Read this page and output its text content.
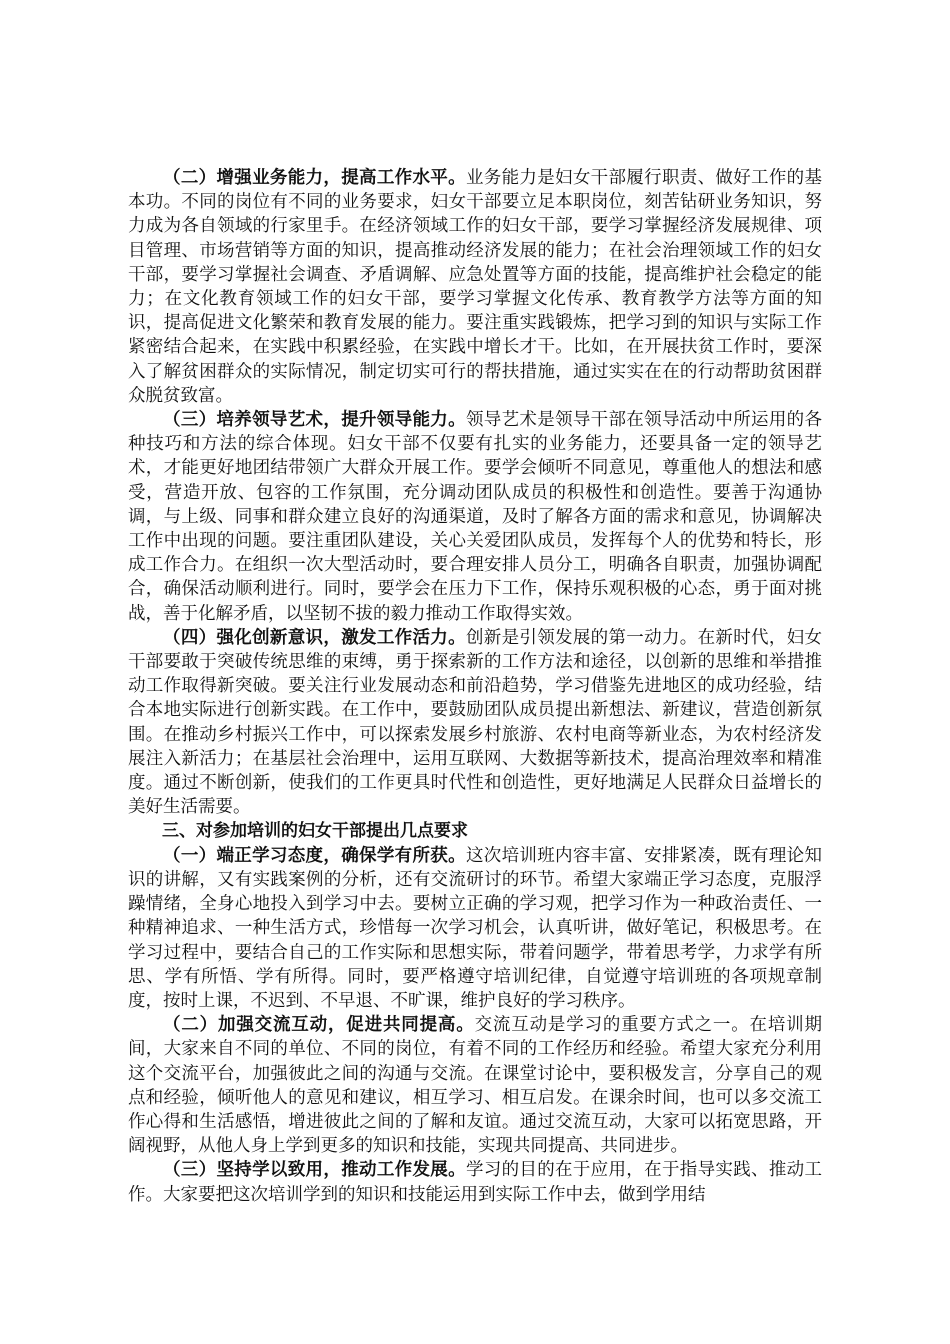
（二）增强业务能力，提高工作水平。业务能力是妇女干部履行职责、做好工作的基本功。不同的岗位有不同的业务要求，妇女干部要立足本职岗位，刻苦钻研业务知识，努力成为各自领域的行家里手。在经济领域工作的妇女干部，要学习掌握经济发展规律、项目管理、市场营销等方面的知识，提高推动经济发展的能力；在社会治理领域工作的妇女干部，要学习掌握社会调查、矛盾调解、应急处置等方面的技能，提高维护社会稳定的能力；在文化教育领域工作的妇女干部，要学习掌握文化传承、教育教学方法等方面的知识，提高促进文化繁荣和教育发展的能力。要注重实践锻炼，把学习到的知识与实际工作紧密结合起来，在实践中积累经验，在实践中增长才干。比如，在开展扶贫工作时，要深入了解贫困群众的实际情况，制定切实可行的帮扶措施，通过实实在在的行动帮助贫困群众脱贫致富。

（三）培养领导艺术，提升领导能力。领导艺术是领导干部在领导活动中所运用的各种技巧和方法的综合体现。妇女干部不仅要有扎实的业务能力，还要具备一定的领导艺术，才能更好地团结带领广大群众开展工作。要学会倾听不同意见，尊重他人的想法和感受，营造开放、包容的工作氛围，充分调动团队成员的积极性和创造性。要善于沟通协调，与上级、同事和群众建立良好的沟通渠道，及时了解各方面的需求和意见，协调解决工作中出现的问题。要注重团队建设，关心关爱团队成员，发挥每个人的优势和特长，形成工作合力。在组织一次大型活动时，要合理安排人员分工，明确各自职责，加强协调配合，确保活动顺利进行。同时，要学会在压力下工作，保持乐观积极的心态，勇于面对挑战，善于化解矛盾，以坚韧不拔的毅力推动工作取得实效。

（四）强化创新意识，激发工作活力。创新是引领发展的第一动力。在新时代，妇女干部要敢于突破传统思维的束缚，勇于探索新的工作方法和途径，以创新的思维和举措推动工作取得新突破。要关注行业发展动态和前沿趋势，学习借鉴先进地区的成功经验，结合本地实际进行创新实践。在工作中，要鼓励团队成员提出新想法、新建议，营造创新氛围。在推动乡村振兴工作中，可以探索发展乡村旅游、农村电商等新业态，为农村经济发展注入新活力；在基层社会治理中，运用互联网、大数据等新技术，提高治理效率和精准度。通过不断创新，使我们的工作更具时代性和创造性，更好地满足人民群众日益增长的美好生活需要。

三、对参加培训的妇女干部提出几点要求

（一）端正学习态度，确保学有所获。这次培训班内容丰富、安排紧凑，既有理论知识的讲解，又有实践案例的分析，还有交流研讨的环节。希望大家端正学习态度，克服浮躁情绪，全身心地投入到学习中去。要树立正确的学习观，把学习作为一种政治责任、一种精神追求、一种生活方式，珍惜每一次学习机会，认真听讲，做好笔记，积极思考。在学习过程中，要结合自己的工作实际和思想实际，带着问题学，带着思考学，力求学有所思、学有所悟、学有所得。同时，要严格遵守培训纪律，自觉遵守培训班的各项规章制度，按时上课，不迟到、不早退、不旷课，维护良好的学习秩序。

（二）加强交流互动，促进共同提高。交流互动是学习的重要方式之一。在培训期间，大家来自不同的单位、不同的岗位，有着不同的工作经历和经验。希望大家充分利用这个交流平台，加强彼此之间的沟通与交流。在课堂讨论中，要积极发言，分享自己的观点和经验，倾听他人的意见和建议，相互学习、相互启发。在课余时间，也可以多交流工作心得和生活感悟，增进彼此之间的了解和友谊。通过交流互动，大家可以拓宽思路，开阔视野，从他人身上学到更多的知识和技能，实现共同提高、共同进步。

（三）坚持学以致用，推动工作发展。学习的目的在于应用，在于指导实践、推动工作。大家要把这次培训学到的知识和技能运用到实际工作中去，做到学用结
